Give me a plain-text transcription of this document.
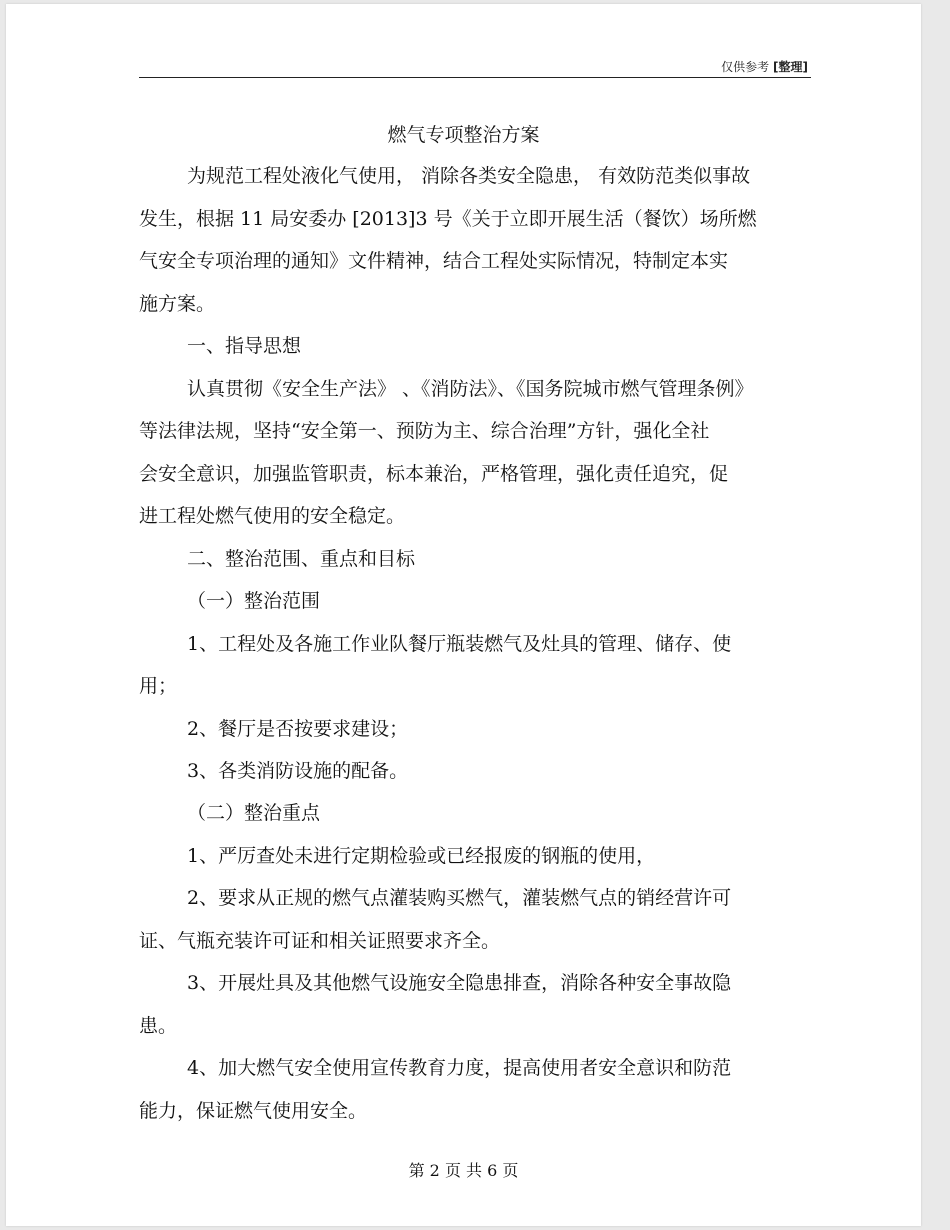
仅供参考 [整理]
燃气专项整治方案
为规范工程处液化气使用， 消除各类安全隐患， 有效防范类似事故
发生，根据 11 局安委办 [2013]3 号《关于立即开展生活（餐饮）场所燃
气安全专项治理的通知》文件精神，结合工程处实际情况，特制定本实
施方案。
一、指导思想
认真贯彻《安全生产法》 、《消防法》、《国务院城市燃气管理条例》
等法律法规，坚持“安全第一、预防为主、综合治理”方针，强化全社
会安全意识，加强监管职责，标本兼治，严格管理，强化责任追究，促
进工程处燃气使用的安全稳定。
二、整治范围、重点和目标
（一）整治范围
1、工程处及各施工作业队餐厅瓶装燃气及灶具的管理、储存、使
用；
2、餐厅是否按要求建设；
3、各类消防设施的配备。
（二）整治重点
1、严厉查处未进行定期检验或已经报废的钢瓶的使用，
2、要求从正规的燃气点灌装购买燃气，灌装燃气点的销经营许可
证、气瓶充装许可证和相关证照要求齐全。
3、开展灶具及其他燃气设施安全隐患排查，消除各种安全事故隐
患。
4、加大燃气安全使用宣传教育力度，提高使用者安全意识和防范
能力，保证燃气使用安全。
第 2 页 共 6 页
